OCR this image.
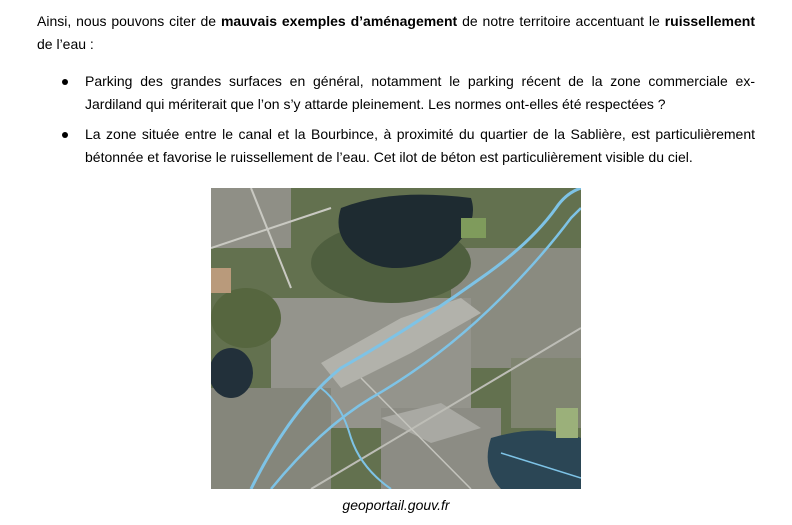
Ainsi, nous pouvons citer de mauvais exemples d’aménagement de notre territoire accentuant le ruissellement de l’eau :

Parking des grandes surfaces en général, notamment le parking récent de la zone commerciale ex-Jardiland qui mériterait que l’on s’y attarde pleinement. Les normes ont-elles été respectées ?
La zone située entre le canal et la Bourbince, à proximité du quartier de la Sablière, est particulièrement bétonnée et favorise le ruissellement de l’eau. Cet ilot de béton est particulièrement visible du ciel.
geoportail.gouv.fr
